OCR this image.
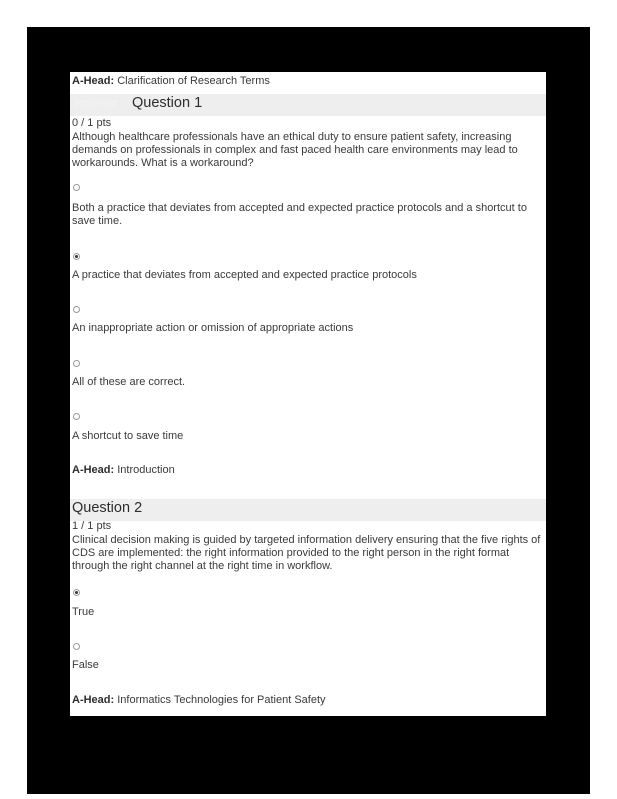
A-Head: Clarification of Research Terms
Incorrect Question 1
0 / 1 pts
Although healthcare professionals have an ethical duty to ensure patient safety, increasing demands on professionals in complex and fast paced health care environments may lead to workarounds. What is a workaround?
Both a practice that deviates from accepted and expected practice protocols and a shortcut to save time.
A practice that deviates from accepted and expected practice protocols
An inappropriate action or omission of appropriate actions
All of these are correct.
A shortcut to save time
A-Head: Introduction
Question 2
1 / 1 pts
Clinical decision making is guided by targeted information delivery ensuring that the five rights of CDS are implemented: the right information provided to the right person in the right format through the right channel at the right time in workflow.
True
False
A-Head: Informatics Technologies for Patient Safety
